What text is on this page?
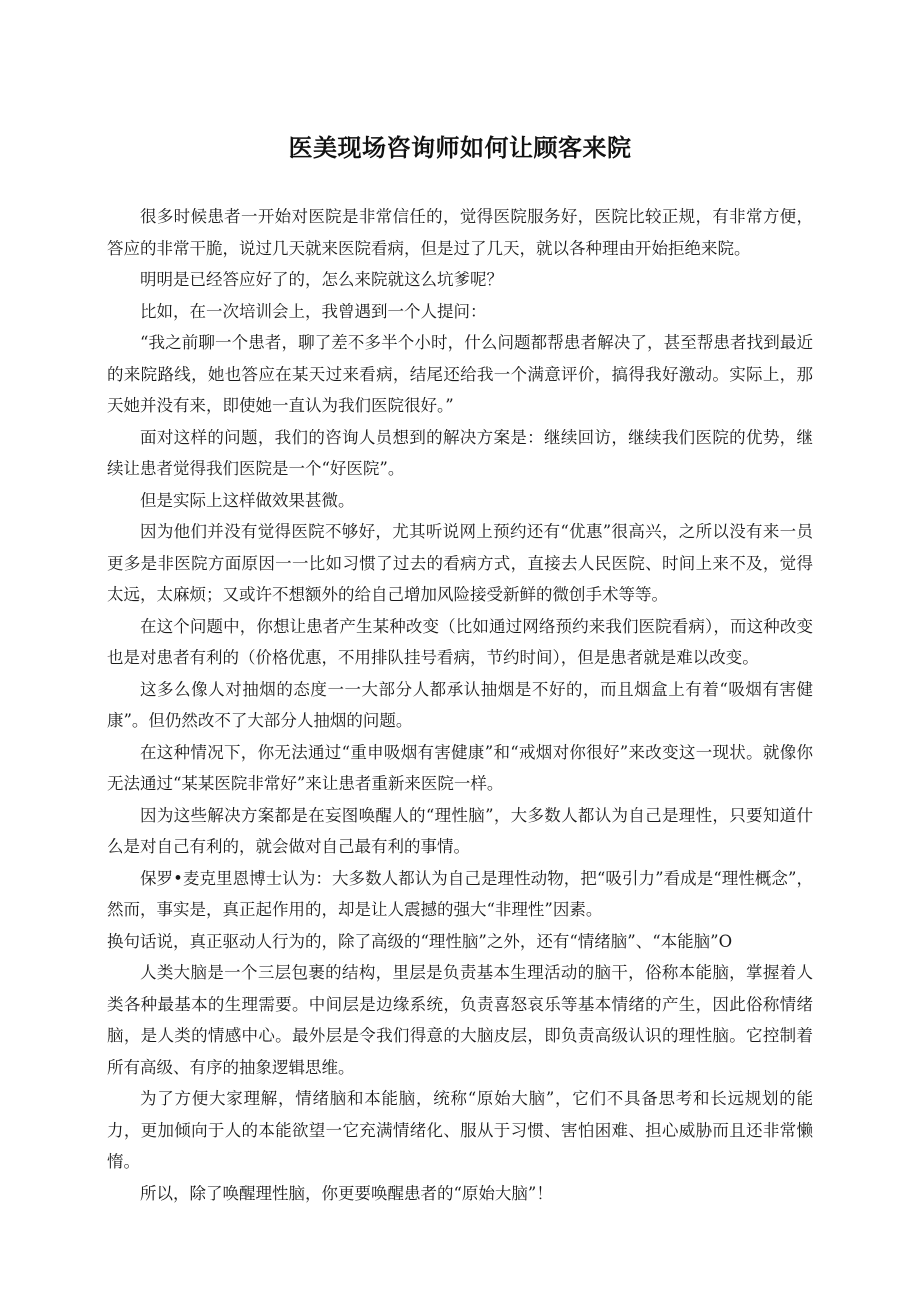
医美现场咨询师如何让顾客来院

很多时候患者一开始对医院是非常信任的，觉得医院服务好，医院比较正规，有非常方便，答应的非常干脆，说过几天就来医院看病，但是过了几天，就以各种理由开始拒绝来院。

明明是已经答应好了的，怎么来院就这么坑爹呢？

比如，在一次培训会上，我曾遇到一个人提问：

“我之前聊一个患者，聊了差不多半个小时，什么问题都帮患者解决了，甚至帮患者找到最近的来院路线，她也答应在某天过来看病，结尾还给我一个满意评价，搞得我好激动。实际上，那天她并没有来，即使她一直认为我们医院很好。”

面对这样的问题，我们的咨询人员想到的解决方案是：继续回访，继续我们医院的优势，继续让患者觉得我们医院是一个“好医院”。

但是实际上这样做效果甚微。

因为他们并没有觉得医院不够好，尤其听说网上预约还有“优惠”很高兴，之所以没有来一员更多是非医院方面原因一一比如习惯了过去的看病方式，直接去人民医院、时间上来不及，觉得太远，太麻烦；又或许不想额外的给自己增加风险接受新鲜的微创手术等等。

在这个问题中，你想让患者产生某种改变（比如通过网络预约来我们医院看病），而这种改变也是对患者有利的（价格优惠，不用排队挂号看病，节约时间），但是患者就是难以改变。

这多么像人对抽烟的态度一一大部分人都承认抽烟是不好的，而且烟盒上有着“吸烟有害健康”。但仍然改不了大部分人抽烟的问题。

在这种情况下，你无法通过“重申吸烟有害健康”和“戒烟对你很好”来改变这一现状。就像你无法通过“某某医院非常好”来让患者重新来医院一样。

因为这些解决方案都是在妄图唤醒人的“理性脑”，大多数人都认为自己是理性，只要知道什么是对自己有利的，就会做对自己最有利的事情。

保罗•麦克里恩博士认为：大多数人都认为自己是理性动物，把“吸引力”看成是“理性概念”，然而，事实是，真正起作用的，却是让人震撼的强大“非理性”因素。

换句话说，真正驱动人行为的，除了高级的“理性脑”之外，还有“情绪脑”、“本能脑”O

人类大脑是一个三层包裹的结构，里层是负责基本生理活动的脑干，俗称本能脑，掌握着人类各种最基本的生理需要。中间层是边缘系统，负责喜怒哀乐等基本情绪的产生，因此俗称情绪脑，是人类的情感中心。最外层是令我们得意的大脑皮层，即负责高级认识的理性脑。它控制着所有高级、有序的抽象逻辑思维。

为了方便大家理解，情绪脑和本能脑，统称“原始大脑”，它们不具备思考和长远规划的能力，更加倾向于人的本能欲望一它充满情绪化、服从于习惯、害怕困难、担心威胁而且还非常懒惰。

所以，除了唤醒理性脑，你更要唤醒患者的“原始大脑”！
